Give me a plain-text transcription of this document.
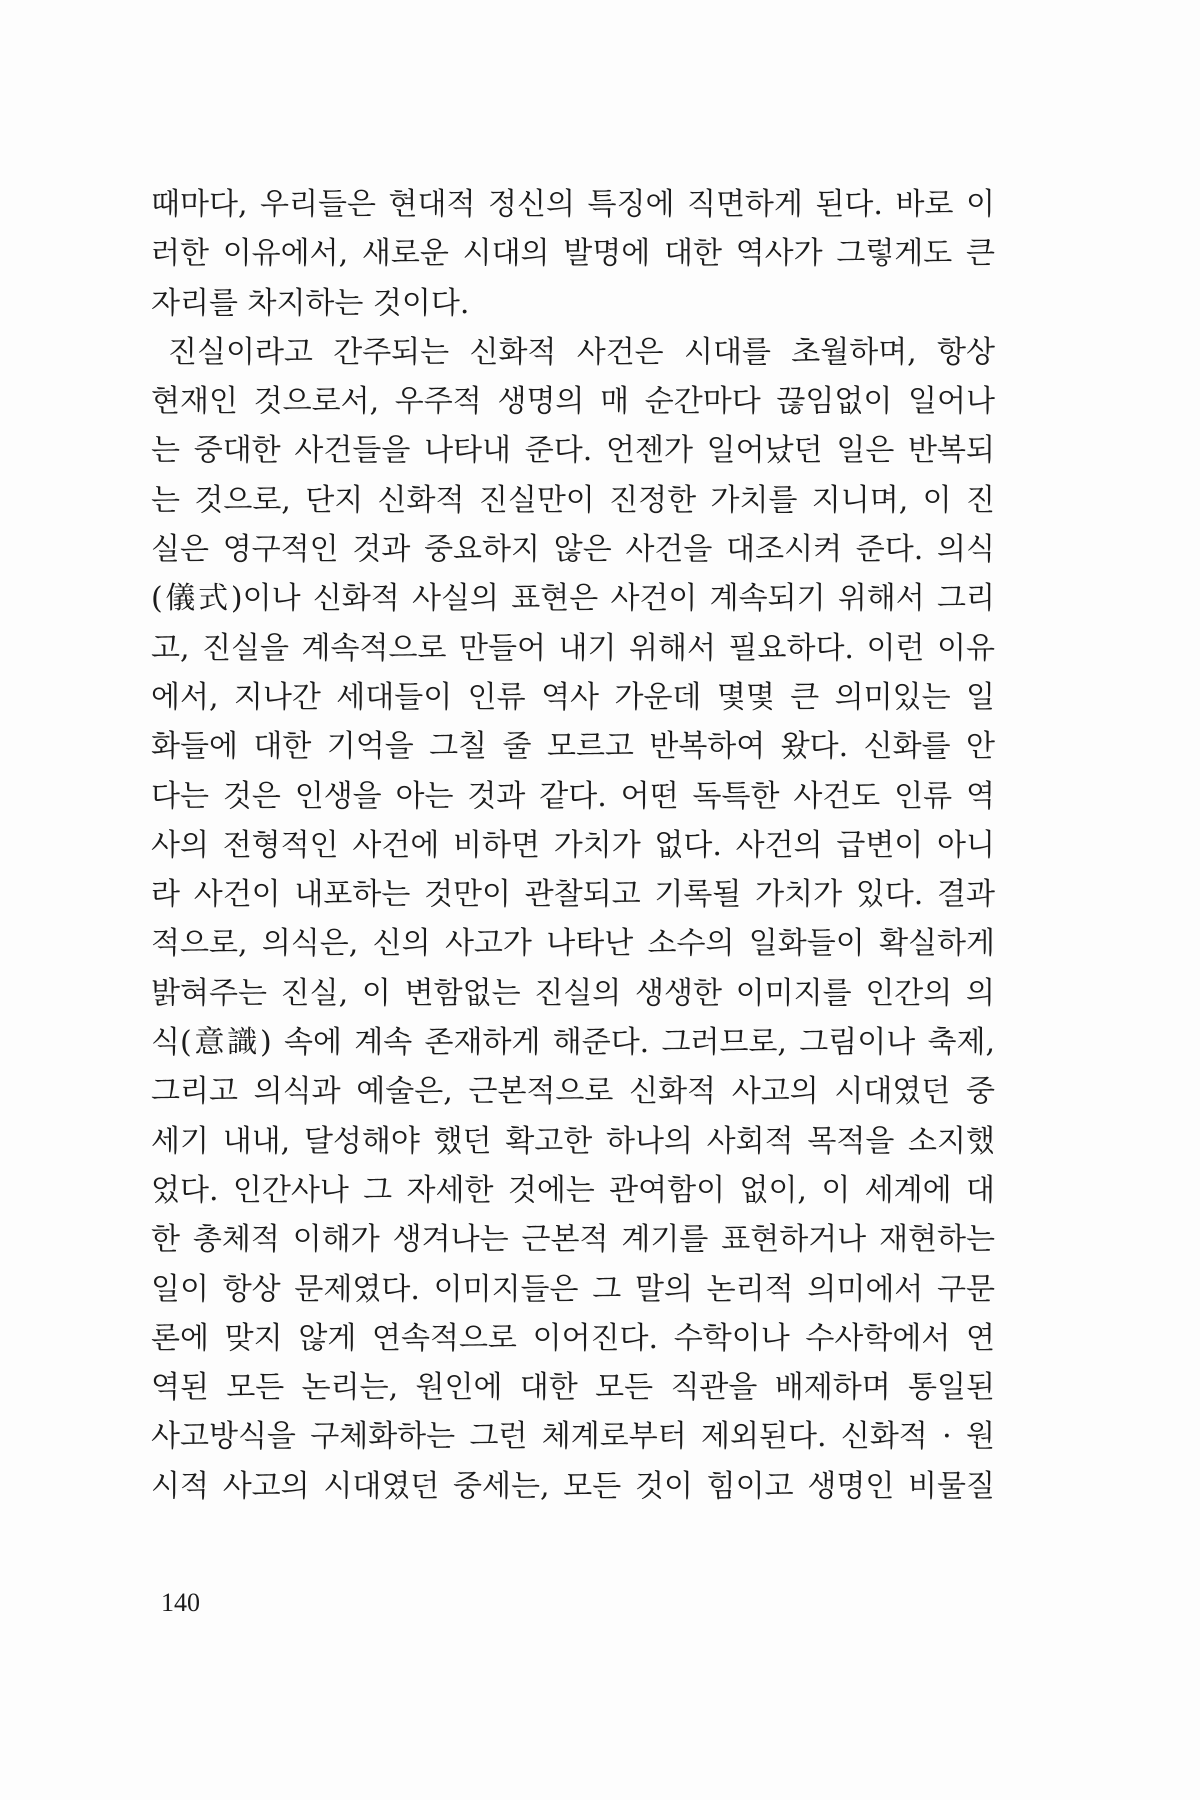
때마다, 우리들은 현대적 정신의 특징에 직면하게 된다. 바로 이
러한 이유에서, 새로운 시대의 발명에 대한 역사가 그렇게도 큰
자리를 차지하는 것이다.
진실이라고 간주되는 신화적 사건은 시대를 초월하며, 항상
현재인 것으로서, 우주적 생명의 매 순간마다 끊임없이 일어나
는 중대한 사건들을 나타내 준다. 언젠가 일어났던 일은 반복되
는 것으로, 단지 신화적 진실만이 진정한 가치를 지니며, 이 진
실은 영구적인 것과 중요하지 않은 사건을 대조시켜 준다. 의식
(儀式)이나 신화적 사실의 표현은 사건이 계속되기 위해서 그리
고, 진실을 계속적으로 만들어 내기 위해서 필요하다. 이런 이유
에서, 지나간 세대들이 인류 역사 가운데 몇몇 큰 의미있는 일
화들에 대한 기억을 그칠 줄 모르고 반복하여 왔다. 신화를 안
다는 것은 인생을 아는 것과 같다. 어떤 독특한 사건도 인류 역
사의 전형적인 사건에 비하면 가치가 없다. 사건의 급변이 아니
라 사건이 내포하는 것만이 관찰되고 기록될 가치가 있다. 결과
적으로, 의식은, 신의 사고가 나타난 소수의 일화들이 확실하게
밝혀주는 진실, 이 변함없는 진실의 생생한 이미지를 인간의 의
식(意識) 속에 계속 존재하게 해준다. 그러므로, 그림이나 축제,
그리고 의식과 예술은, 근본적으로 신화적 사고의 시대였던 중
세기 내내, 달성해야 했던 확고한 하나의 사회적 목적을 소지했
었다. 인간사나 그 자세한 것에는 관여함이 없이, 이 세계에 대
한 총체적 이해가 생겨나는 근본적 계기를 표현하거나 재현하는
일이 항상 문제였다. 이미지들은 그 말의 논리적 의미에서 구문
론에 맞지 않게 연속적으로 이어진다. 수학이나 수사학에서 연
역된 모든 논리는, 원인에 대한 모든 직관을 배제하며 통일된
사고방식을 구체화하는 그런 체계로부터 제외된다. 신화적 · 원
시적 사고의 시대였던 중세는, 모든 것이 힘이고 생명인 비물질
140
